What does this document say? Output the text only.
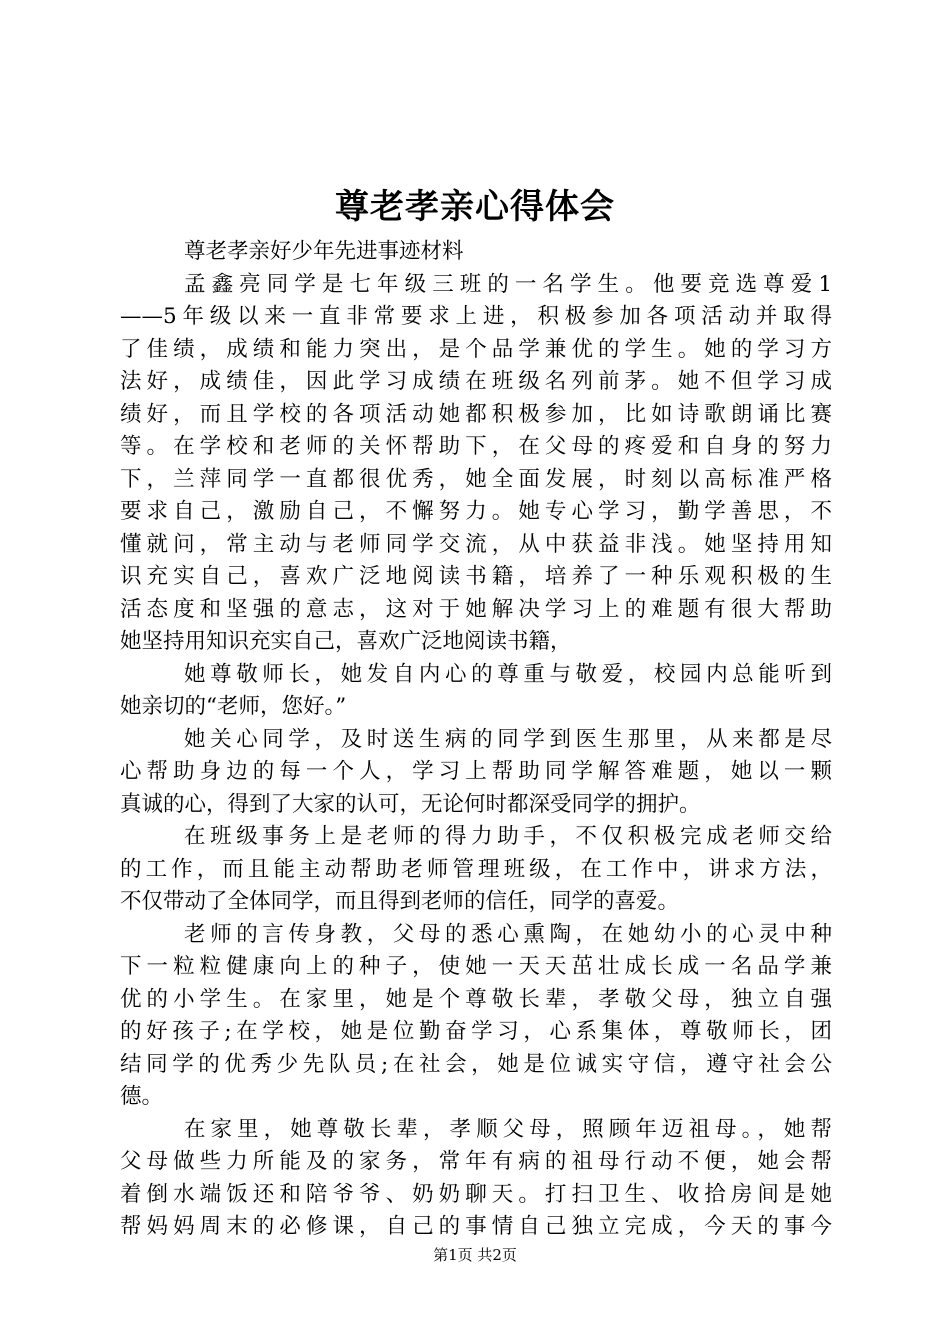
尊老孝亲心得体会
尊老孝亲好少年先进事迹材料
孟鑫亮同学是七年级三班的一名学生。他要竞选尊爱1
——5年级以来一直非常要求上进，积极参加各项活动并取得
了佳绩，成绩和能力突出，是个品学兼优的学生。她的学习方
法好，成绩佳，因此学习成绩在班级名列前茅。她不但学习成
绩好，而且学校的各项活动她都积极参加，比如诗歌朗诵比赛
等。在学校和老师的关怀帮助下，在父母的疼爱和自身的努力
下，兰萍同学一直都很优秀，她全面发展，时刻以高标准严格
要求自己，激励自己，不懈努力。她专心学习，勤学善思，不
懂就问，常主动与老师同学交流，从中获益非浅。她坚持用知
识充实自己，喜欢广泛地阅读书籍，培养了一种乐观积极的生
活态度和坚强的意志，这对于她解决学习上的难题有很大帮助
她坚持用知识充实自己，喜欢广泛地阅读书籍，
她尊敬师长，她发自内心的尊重与敬爱，校园内总能听到
她亲切的“老师，您好。”
她关心同学，及时送生病的同学到医生那里，从来都是尽
心帮助身边的每一个人，学习上帮助同学解答难题，她以一颗
真诚的心，得到了大家的认可，无论何时都深受同学的拥护。
在班级事务上是老师的得力助手，不仅积极完成老师交给
的工作，而且能主动帮助老师管理班级，在工作中，讲求方法，
不仅带动了全体同学，而且得到老师的信任，同学的喜爱。
老师的言传身教，父母的悉心熏陶，在她幼小的心灵中种
下一粒粒健康向上的种子，使她一天天茁壮成长成一名品学兼
优的小学生。在家里，她是个尊敬长辈，孝敬父母，独立自强
的好孩子;在学校，她是位勤奋学习，心系集体，尊敬师长，团
结同学的优秀少先队员;在社会，她是位诚实守信，遵守社会公
德。
在家里，她尊敬长辈，孝顺父母，照顾年迈祖母。，她帮
父母做些力所能及的家务，常年有病的祖母行动不便，她会帮
着倒水端饭还和陪爷爷、奶奶聊天。打扫卫生、收拾房间是她
帮妈妈周末的必修课，自己的事情自己独立完成，今天的事今
第1页 共2页
